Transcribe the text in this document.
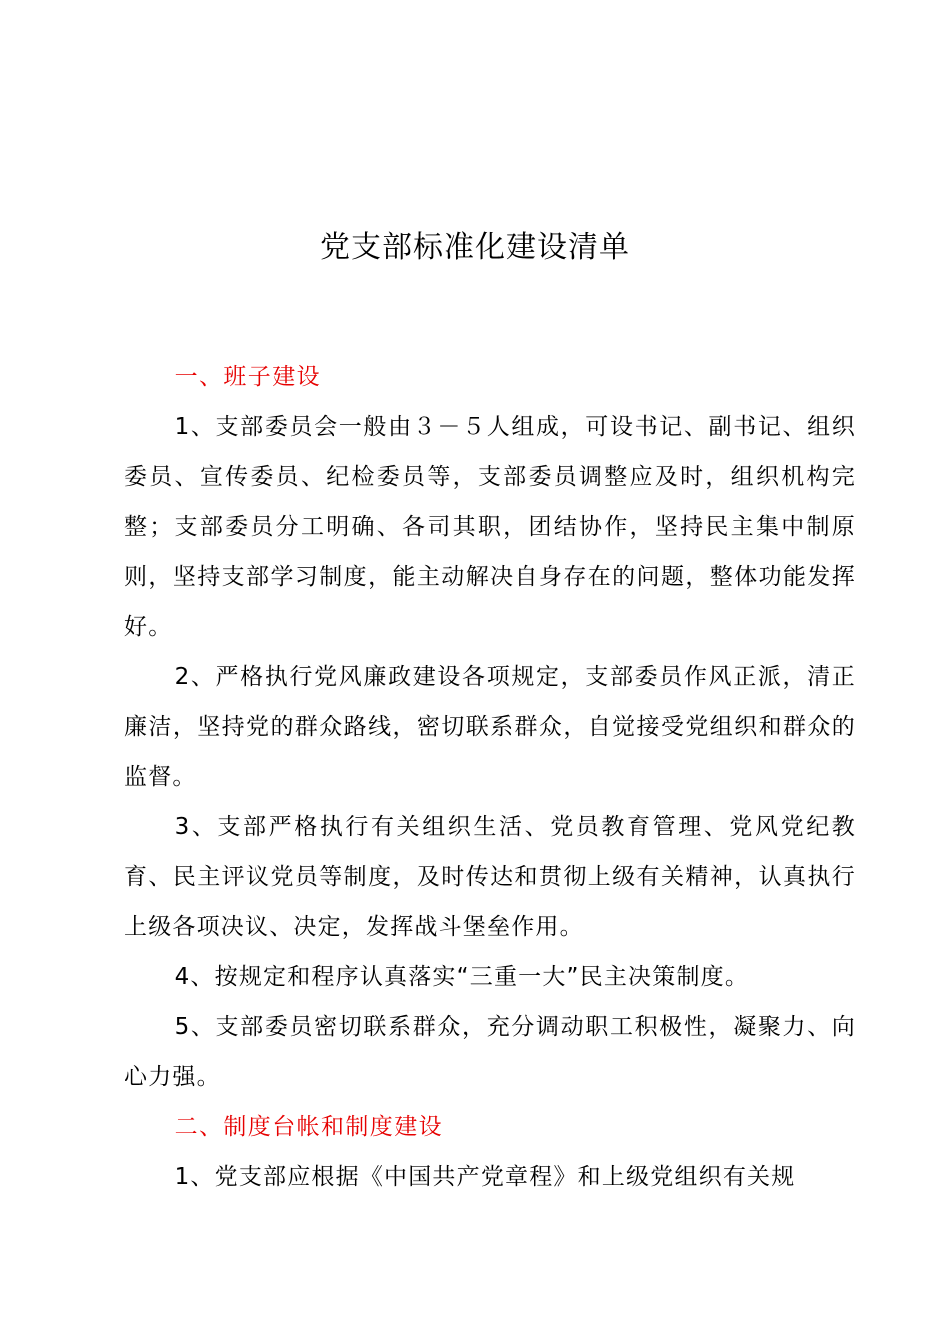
党支部标准化建设清单

一、班子建设

1、支部委员会一般由３－５人组成，可设书记、副书记、组织委员、宣传委员、纪检委员等，支部委员调整应及时，组织机构完整；支部委员分工明确、各司其职，团结协作，坚持民主集中制原则，坚持支部学习制度，能主动解决自身存在的问题，整体功能发挥好。

2、严格执行党风廉政建设各项规定，支部委员作风正派，清正廉洁，坚持党的群众路线，密切联系群众，自觉接受党组织和群众的监督。

3、支部严格执行有关组织生活、党员教育管理、党风党纪教育、民主评议党员等制度，及时传达和贯彻上级有关精神，认真执行上级各项决议、决定，发挥战斗堡垒作用。

4、按规定和程序认真落实“三重一大”民主决策制度。

5、支部委员密切联系群众，充分调动职工积极性，凝聚力、向心力强。

二、制度台帐和制度建设

1、党支部应根据《中国共产党章程》和上级党组织有关规
